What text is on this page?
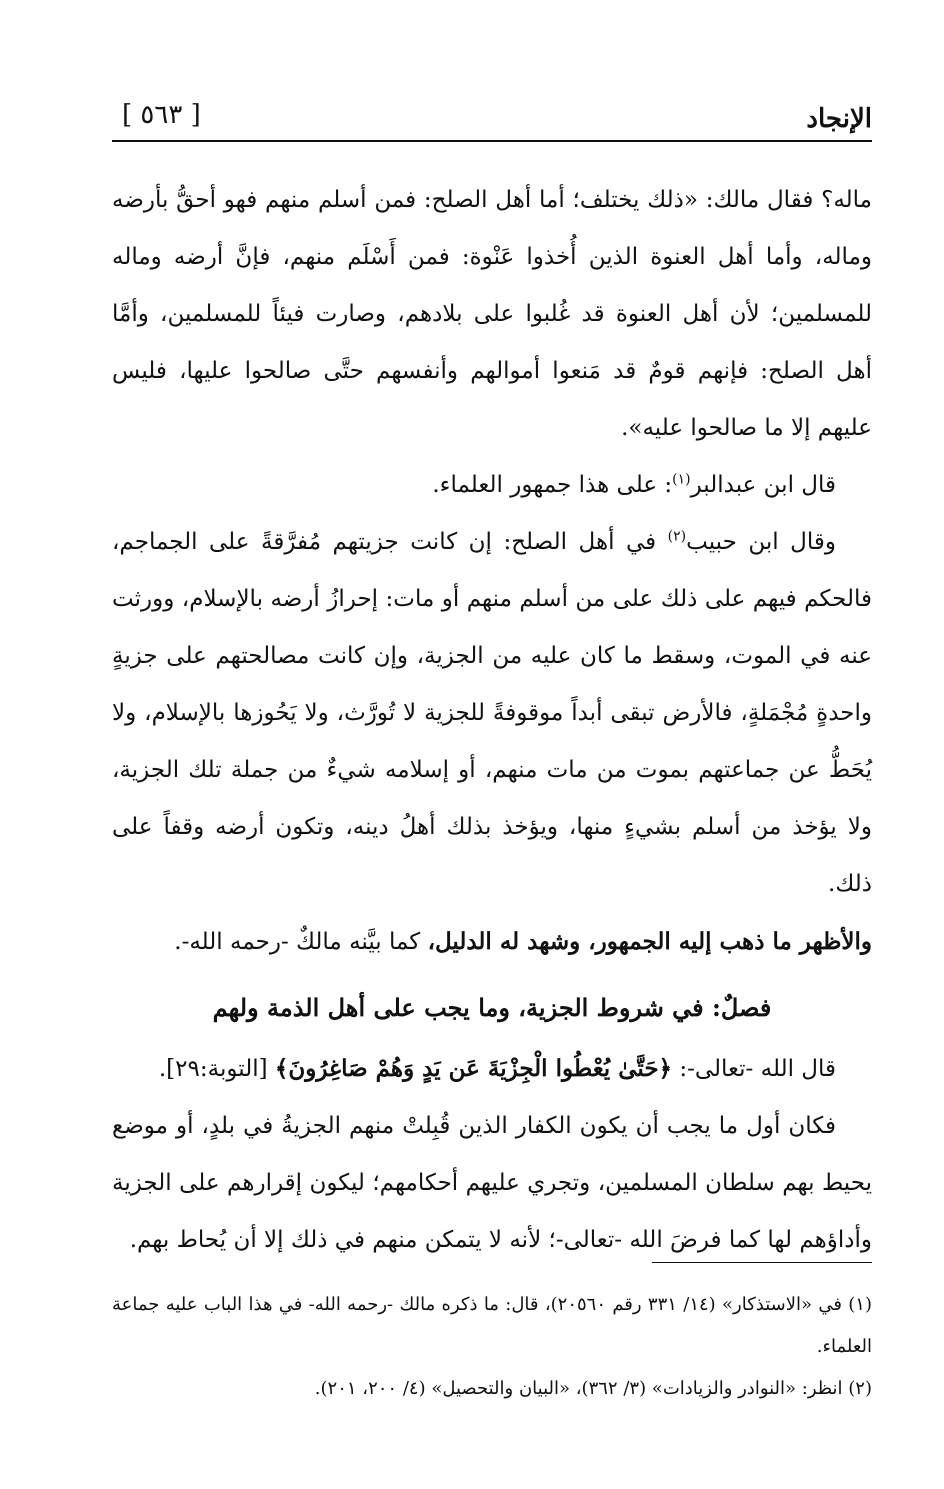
الإنجاد
[ ٥٦٣ ]

ماله؟ فقال مالك: «ذلك يختلف؛ أما أهل الصلح: فمن أسلم منهم فهو أحقُّ بأرضه وماله، وأما أهل العنوة الذين أُخذوا عَنْوة: فمن أَسْلَم منهم، فإنَّ أرضه وماله للمسلمين؛ لأن أهل العنوة قد غُلبوا على بلادهم، وصارت فيئاً للمسلمين، وأمَّا أهل الصلح: فإنهم قومٌ قد مَنعوا أموالهم وأنفسهم حتَّى صالحوا عليها، فليس عليهم إلا ما صالحوا عليه».

قال ابن عبدالبر$^{(١)}$: على هذا جمهور العلماء.

وقال ابن حبيب$^{(٢)}$ في أهل الصلح: إن كانت جزيتهم مُفرَّقةً على الجماجم، فالحكم فيهم على ذلك على من أسلم منهم أو مات: إحرازُ أرضه بالإسلام، وورثت عنه في الموت، وسقط ما كان عليه من الجزية، وإن كانت مصالحتهم على جزيةٍ واحدةٍ مُجْمَلةٍ، فالأرض تبقى أبداً موقوفةً للجزية لا تُورَّث، ولا يَحُوزها بالإسلام، ولا يُحَطُّ عن جماعتهم بموت من مات منهم، أو إسلامه شيءٌ من جملة تلك الجزية، ولا يؤخذ من أسلم بشيءٍ منها، ويؤخذ بذلك أهلُ دينه، وتكون أرضه وقفاً على ذلك.

والأظهر ما ذهب إليه الجمهور، وشهد له الدليل، كما بيَّنه مالكٌ -رحمه الله-.

فصلٌ: في شروط الجزية، وما يجب على أهل الذمة ولهم

قال الله -تعالى-: ﴿حَتَّىٰ يُعْطُوا الْجِزْيَةَ عَن يَدٍ وَهُمْ صَاغِرُونَ﴾ [التوبة:٢٩].

فكان أول ما يجب أن يكون الكفار الذين قُبِلتْ منهم الجزيةُ في بلدٍ، أو موضع يحيط بهم سلطان المسلمين، وتجري عليهم أحكامهم؛ ليكون إقرارهم على الجزية وأداؤهم لها كما فرضَ الله -تعالى-؛ لأنه لا يتمكن منهم في ذلك إلا أن يُحاط بهم.

(١) في «الاستذكار» (١٤/ ٣٣١ رقم ٢٠٥٦٠)، قال: ما ذكره مالك -رحمه الله- في هذا الباب عليه جماعة العلماء.

(٢) انظر: «النوادر والزيادات» (٣/ ٣٦٢)، «البيان والتحصيل» (٤/ ٢٠٠، ٢٠١).
